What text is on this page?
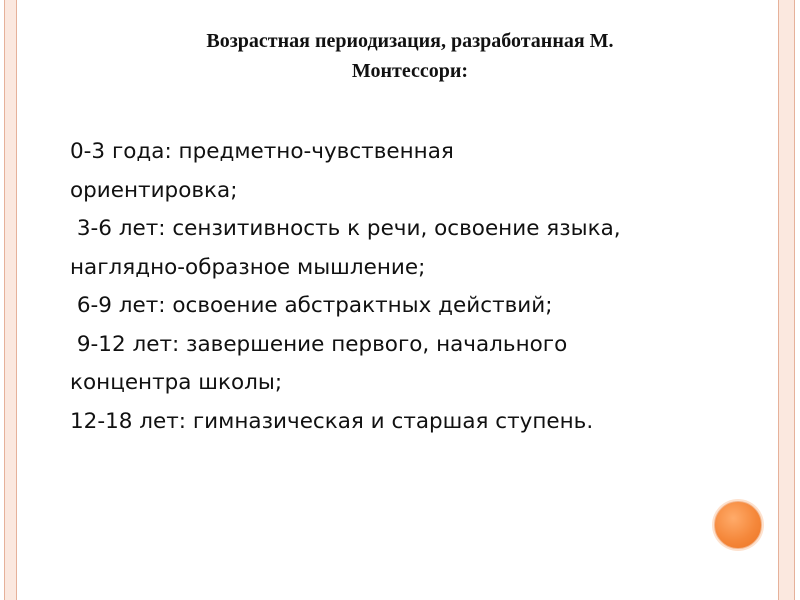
Возрастная периодизация, разработанная М.
Монтессори:
0-3 года: предметно-чувственная
ориентировка;
3-6 лет: сензитивность к речи, освоение языка,
наглядно-образное мышление;
6-9 лет: освоение абстрактных действий;
9-12 лет: завершение первого, начального
концентра школы;
12-18 лет: гимназическая и старшая ступень.
